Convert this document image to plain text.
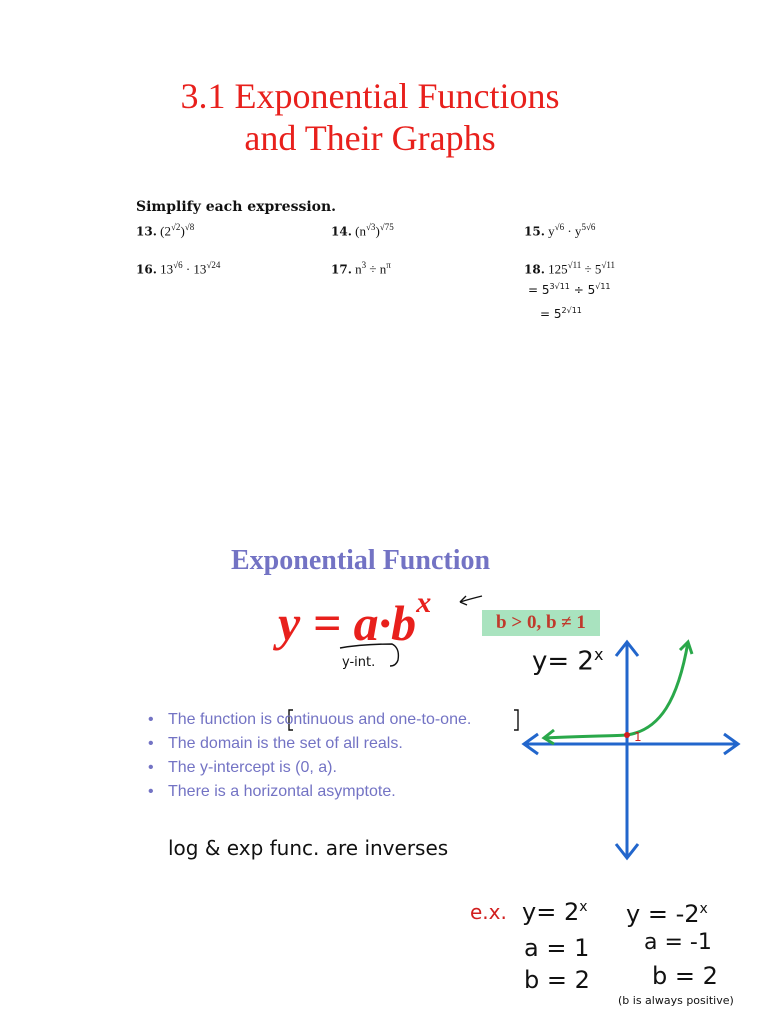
3.1 Exponential Functions
and Their Graphs
Simplify each expression.
13. $(2^{√2})^{√8}$	14. $(n^{√3})^{√75}$	15. $y^{√6} \cdot y^{5√6}$
16. $13^{√6} \cdot 13^{√24}$	17. $n^3 \div n^\pi$	18. $125^{√11} \div 5^{√11}$
= $5^{3√11} \div 5^{√11}$
= $5^{2√11}$
Exponential Function
$y = a\cdot b^x$
b > 0, b ≠ 1
y-int.
• The function is continuous and one-to-one.
• The domain is the set of all reals.
• The y-intercept is (0, a).
• There is a horizontal asymptote.
$y= 2^x$
1
log & exp func. are inverses
e.x. $y= 2^x$
a = 1
b = 2
$y = -2^x$
a = -1
b = 2
(b is always positive)
